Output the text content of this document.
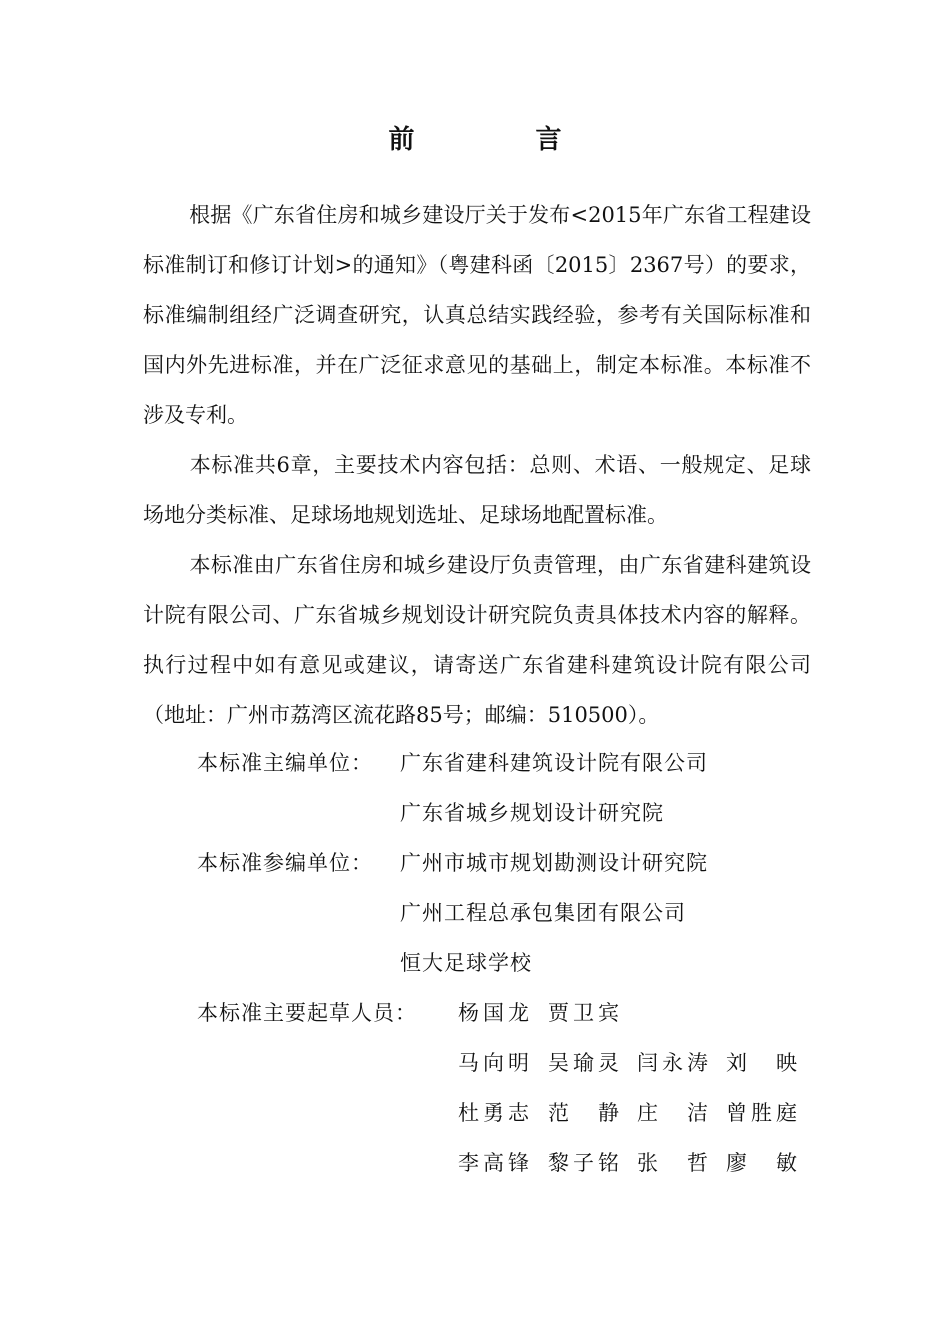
前 言

根据《广东省住房和城乡建设厅关于发布<2015年广东省工程建设标准制订和修订计划>的通知》（粤建科函〔2015〕2367号）的要求，标准编制组经广泛调查研究，认真总结实践经验，参考有关国际标准和国内外先进标准，并在广泛征求意见的基础上，制定本标准。本标准不涉及专利。

本标准共6章，主要技术内容包括：总则、术语、一般规定、足球场地分类标准、足球场地规划选址、足球场地配置标准。

本标准由广东省住房和城乡建设厅负责管理，由广东省建科建筑设计院有限公司、广东省城乡规划设计研究院负责具体技术内容的解释。执行过程中如有意见或建议，请寄送广东省建科建筑设计院有限公司（地址：广州市荔湾区流花路85号；邮编：510500）。

本标准主编单位： 广东省建科建筑设计院有限公司
广东省城乡规划设计研究院
本标准参编单位： 广州市城市规划勘测设计研究院
广州工程总承包集团有限公司
恒大足球学校
本标准主要起草人员： 杨国龙 贾卫宾
马向明 吴瑜灵 闫永涛 刘　映
杜勇志 范　静 庄　洁 曾胜庭
李高锋 黎子铭 张　哲 廖　敏
